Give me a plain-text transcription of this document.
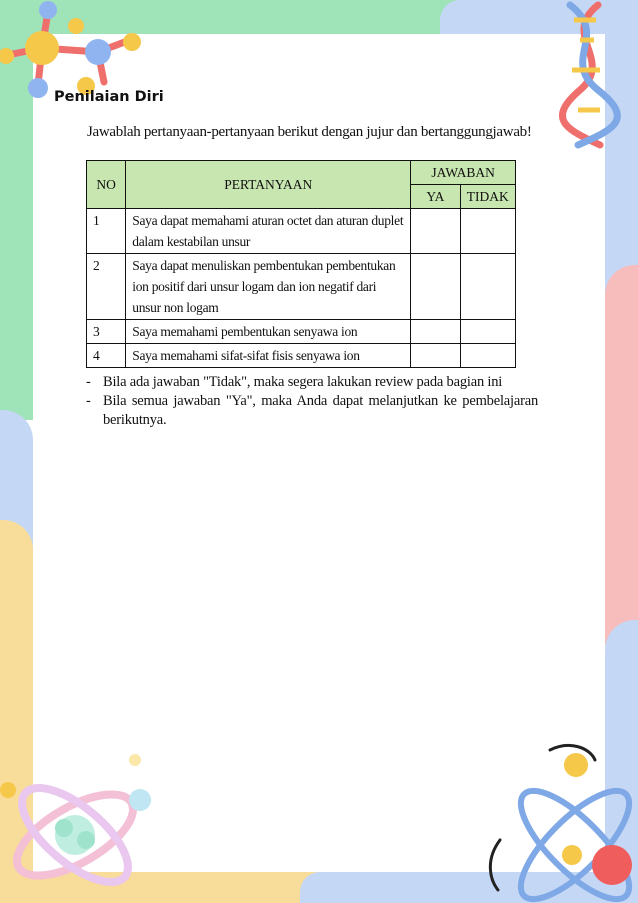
Penilaian Diri
Jawablah pertanyaan-pertanyaan berikut dengan jujur dan bertanggungjawab!
NO	PERTANYAAN	JAWABAN	
		YA	TIDAK
1	Saya dapat memahami aturan octet dan aturan duplet dalam kestabilan unsur		
2	Saya dapat menuliskan pembentukan pembentukan ion positif dari unsur logam dan ion negatif dari unsur non logam		
3	Saya memahami pembentukan senyawa ion		
4	Saya memahami sifat-sifat fisis senyawa ion		
- Bila ada jawaban "Tidak", maka segera lakukan review pada bagian ini
- Bila semua jawaban "Ya", maka Anda dapat melanjutkan ke pembelajaran berikutnya.
